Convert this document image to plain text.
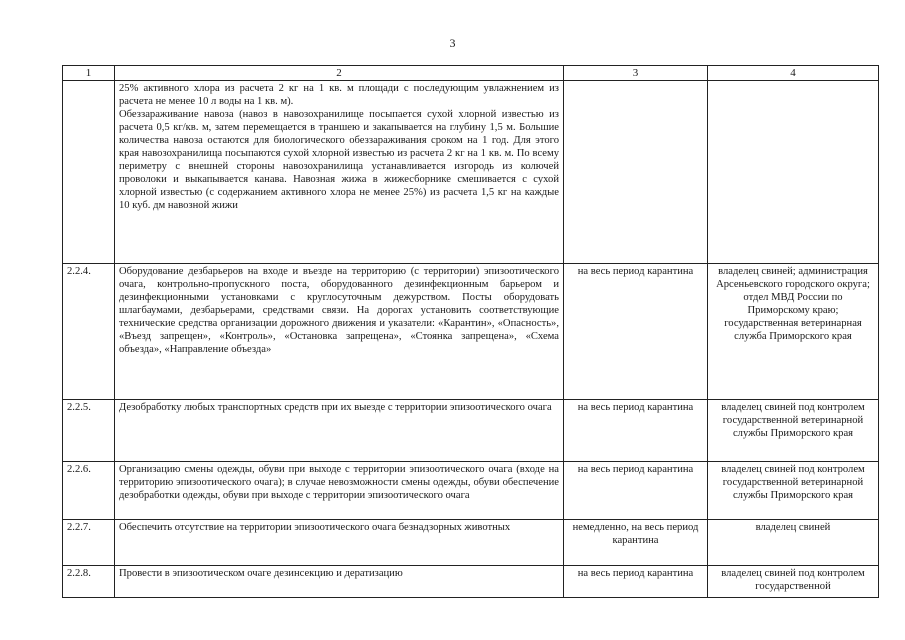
3
1	2	3	4

	25% активного хлора из расчета 2 кг на 1 кв. м площади с последующим увлажнением из расчета не менее 10 л воды на 1 кв. м).
Обеззараживание навоза (навоз в навозохранилище посыпается сухой хлорной известью из расчета 0,5 кг/кв. м, затем перемещается в траншею и закапывается на глубину 1,5 м. Большие количества навоза остаются для биологического обеззараживания сроком на 1 год. Для этого края навозохранилища посыпаются сухой хлорной известью из расчета 2 кг на 1 кв. м. По всему периметру с внешней стороны навозохранилища устанавливается изгородь из колючей проволоки и выкапывается канава. Навозная жижа в жижесборнике смешивается с сухой хлорной известью (с содержанием активного хлора не менее 25%) из расчета 1,5 кг на каждые 10 куб. дм навозной жижи		

2.2.4.	Оборудование дезбарьеров на входе и въезде на территорию (с территории) эпизоотического очага, контрольно-пропускного поста, оборудованного дезинфекционным барьером и дезинфекционными установками с круглосуточным дежурством. Посты оборудовать шлагбаумами, дезбарьерами, средствами связи. На дорогах установить соответствующие технические средства организации дорожного движения и указатели: «Карантин», «Опасность», «Въезд запрещен», «Контроль», «Остановка запрещена», «Стоянка запрещена», «Схема объезда», «Направление объезда»	на весь период карантина	владелец свиней; администрация Арсеньевского городского округа; отдел МВД России по Приморскому краю; государственная ветеринарная служба Приморского края
2.2.5.	Дезобработку любых транспортных средств при их выезде с территории эпизоотического очага	на весь период карантина	владелец свиней под контролем государственной ветеринарной службы Приморского края
2.2.6.	Организацию смены одежды, обуви при выходе с территории эпизоотического очага (входе на территорию эпизоотического очага); в случае невозможности смены одежды, обуви обеспечение дезобработки одежды, обуви при выходе с территории эпизоотического очага	на весь период карантина	владелец свиней под контролем государственной ветеринарной службы Приморского края
2.2.7.	Обеспечить отсутствие на территории эпизоотического очага безнадзорных животных	немедленно, на весь период карантина	владелец свиней
2.2.8.	Провести в эпизоотическом очаге дезинсекцию и дератизацию	на весь период карантина	владелец свиней под контролем государственной
